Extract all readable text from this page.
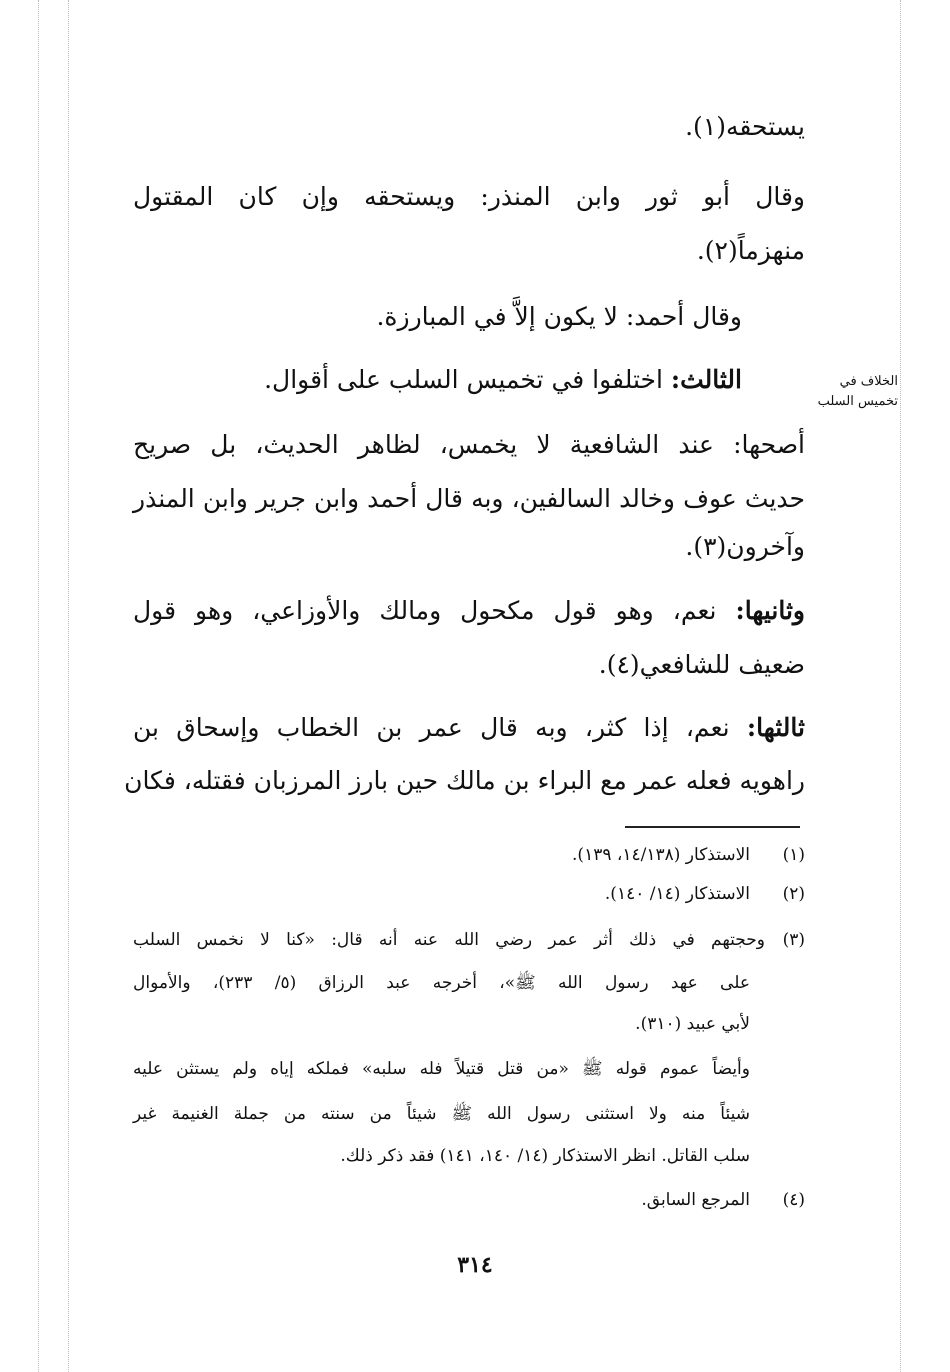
يستحقه(١).
وقال أبو ثور وابن المنذر: ويستحقه وإن كان المقتول
منهزماً(٢).
وقال أحمد: لا يكون إلاَّ في المبارزة.
الثالث: اختلفوا في تخميس السلب على أقوال.	الخلاف في
تخميس السلب
أصحها: عند الشافعية لا يخمس، لظاهر الحديث، بل صريح
حديث عوف وخالد السالفين، وبه قال أحمد وابن جرير وابن المنذر
وآخرون(٣).
وثانيها: نعم، وهو قول مكحول ومالك والأوزاعي، وهو قول
ضعيف للشافعي(٤).
ثالثها: نعم، إذا كثر، وبه قال عمر بن الخطاب وإسحاق بن
راهويه فعله عمر مع البراء بن مالك حين بارز المرزبان فقتله، فكان
(١)
الاستذكار (١٤/١٣٨، ١٣٩).
(٢)
الاستذكار (١٤/ ١٤٠).
(٣)
وحجتهم في ذلك أثر عمر رضي الله عنه أنه قال: «كنا لا نخمس السلب
على عهد رسول الله ﷺ»، أخرجه عبد الرزاق (٥/ ٢٣٣)، والأموال
لأبي عبيد (٣١٠).
وأيضاً عموم قوله ﷺ «من قتل قتيلاً فله سلبه» فملكه إياه ولم يستثن عليه
شيئاً منه ولا استثنى رسول الله ﷺ شيئاً من سنته من جملة الغنيمة غير
سلب القاتل. انظر الاستذكار (١٤/ ١٤٠، ١٤١) فقد ذكر ذلك.
(٤)
المرجع السابق.
٣١٤
